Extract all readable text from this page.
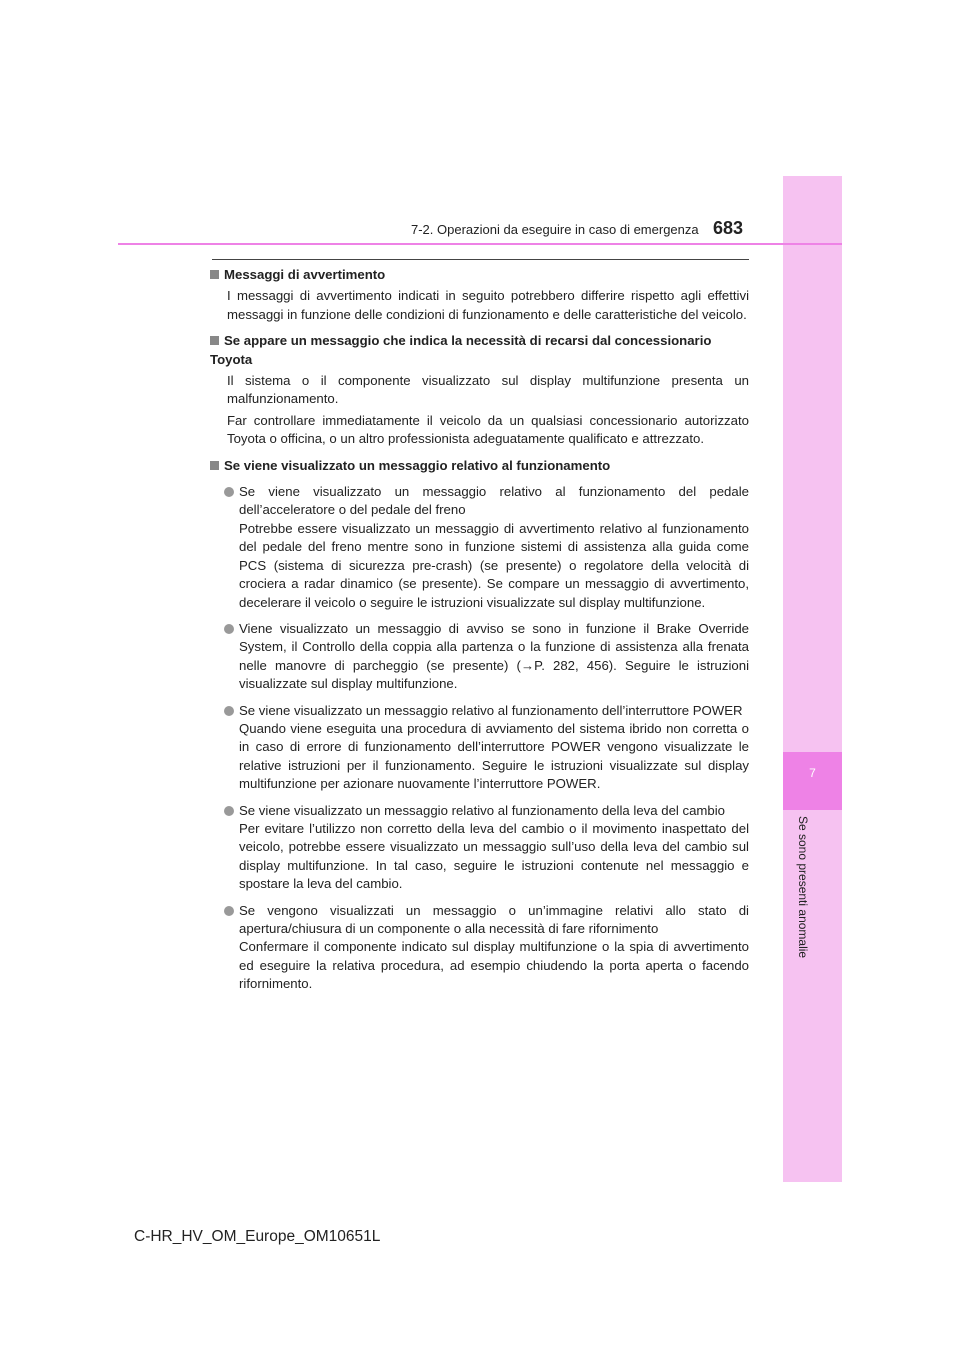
7
Se sono presenti anomalie
7-2. Operazioni da eseguire in caso di emergenza 683
Messaggi di avvertimento
I messaggi di avvertimento indicati in seguito potrebbero differire rispetto agli effettivi messaggi in funzione delle condizioni di funzionamento e delle caratteristiche del veicolo.
Se appare un messaggio che indica la necessità di recarsi dal concessionario Toyota
Il sistema o il componente visualizzato sul display multifunzione presenta un malfunzionamento.
Far controllare immediatamente il veicolo da un qualsiasi concessionario autorizzato Toyota o officina, o un altro professionista adeguatamente qualificato e attrezzato.
Se viene visualizzato un messaggio relativo al funzionamento
Se viene visualizzato un messaggio relativo al funzionamento del pedale dell’acceleratore o del pedale del freno
Potrebbe essere visualizzato un messaggio di avvertimento relativo al funzionamento del pedale del freno mentre sono in funzione sistemi di assistenza alla guida come PCS (sistema di sicurezza pre-crash) (se presente) o regolatore della velocità di crociera a radar dinamico (se presente). Se compare un messaggio di avvertimento, decelerare il veicolo o seguire le istruzioni visualizzate sul display multifunzione.
Viene visualizzato un messaggio di avviso se sono in funzione il Brake Override System, il Controllo della coppia alla partenza o la funzione di assistenza alla frenata nelle manovre di parcheggio (se presente) (→P. 282, 456). Seguire le istruzioni visualizzate sul display multifunzione.
Se viene visualizzato un messaggio relativo al funzionamento dell’interruttore POWER
Quando viene eseguita una procedura di avviamento del sistema ibrido non corretta o in caso di errore di funzionamento dell’interruttore POWER vengono visualizzate le relative istruzioni per il funzionamento. Seguire le istruzioni visualizzate sul display multifunzione per azionare nuovamente l’interruttore POWER.
Se viene visualizzato un messaggio relativo al funzionamento della leva del cambio
Per evitare l’utilizzo non corretto della leva del cambio o il movimento inaspettato del veicolo, potrebbe essere visualizzato un messaggio sull’uso della leva del cambio sul display multifunzione. In tal caso, seguire le istruzioni contenute nel messaggio e spostare la leva del cambio.
Se vengono visualizzati un messaggio o un’immagine relativi allo stato di apertura/chiusura di un componente o alla necessità di fare rifornimento
Confermare il componente indicato sul display multifunzione o la spia di avvertimento ed eseguire la relativa procedura, ad esempio chiudendo la porta aperta o facendo rifornimento.
C-HR_HV_OM_Europe_OM10651L
